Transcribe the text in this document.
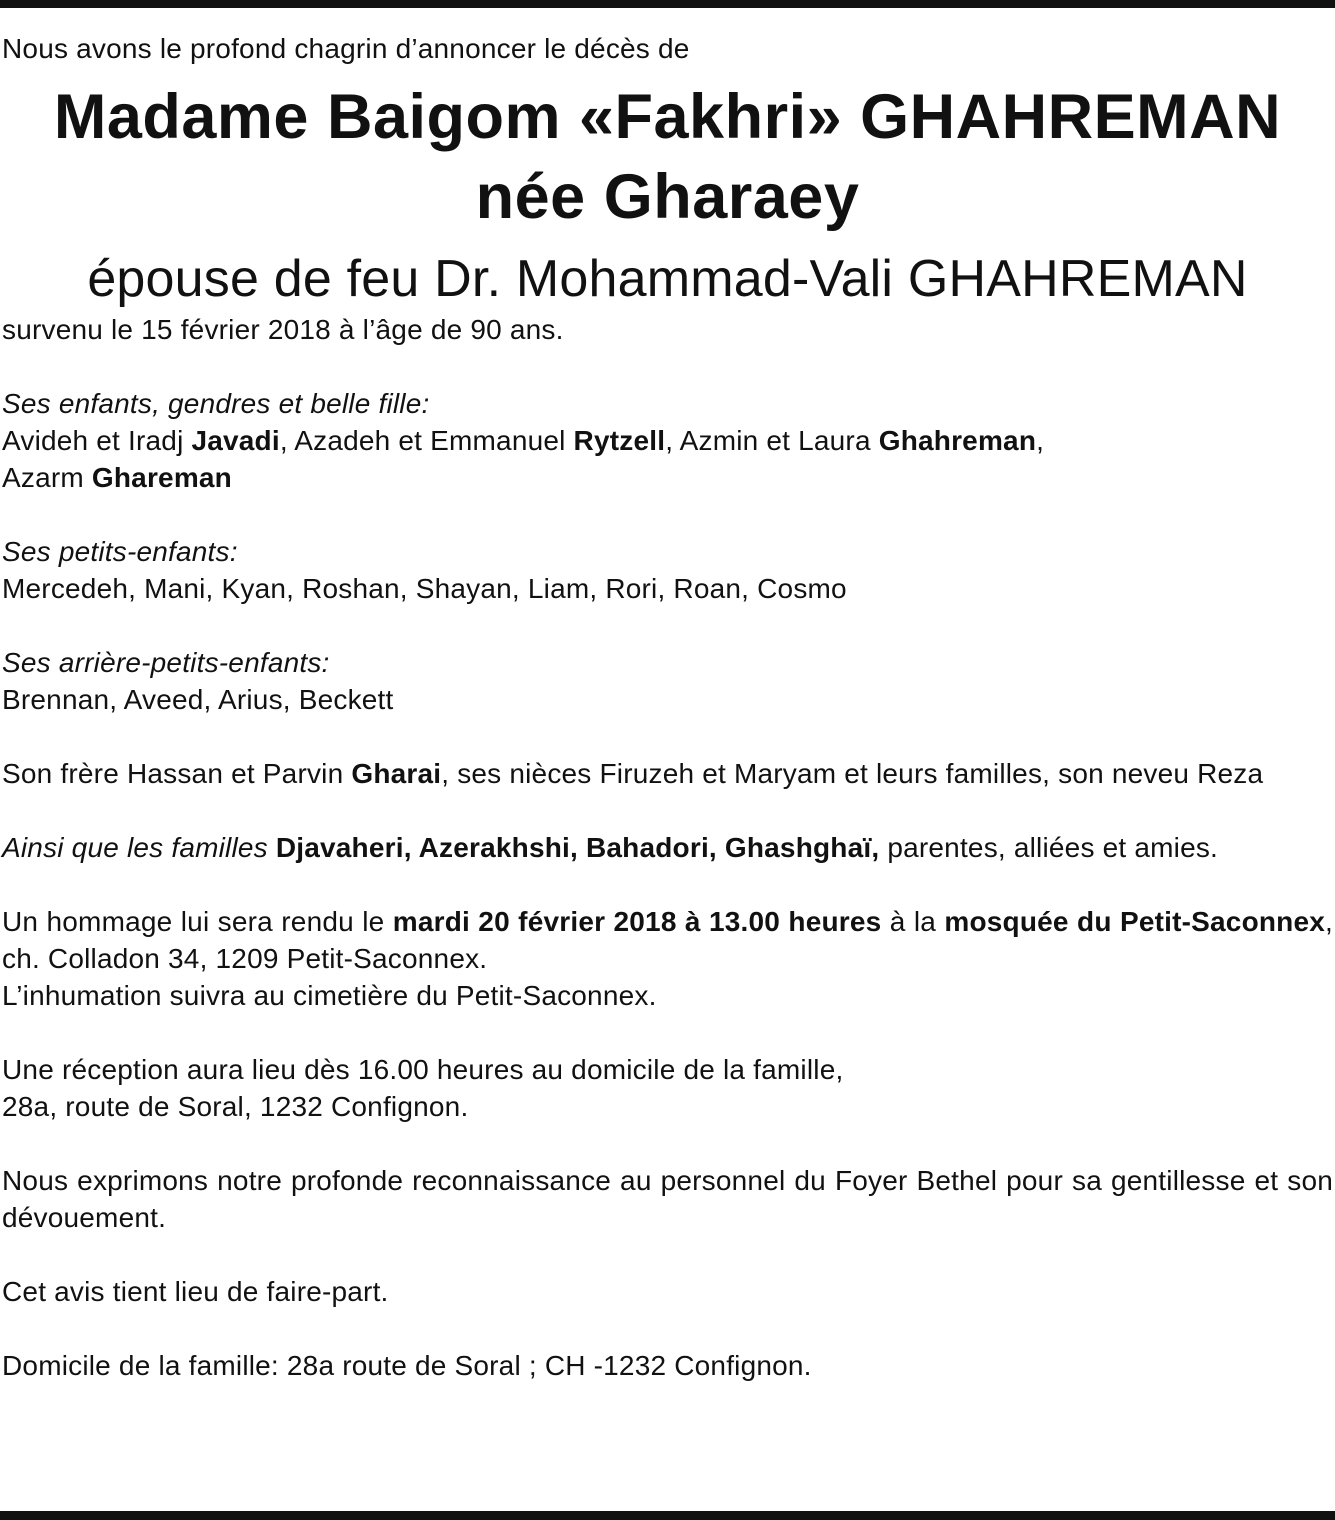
Nous avons le profond chagrin d’annoncer le décès de

Madame Baigom «Fakhri» GHAHREMAN
née Gharaey
épouse de feu Dr. Mohammad-Vali GHAHREMAN

survenu le 15 février 2018 à l’âge de 90 ans.

Ses enfants, gendres et belle fille:

Avideh et Iradj Javadi, Azadeh et Emmanuel Rytzell, Azmin et Laura Ghahreman,

Azarm Ghareman

Ses petits-enfants:

Mercedeh, Mani, Kyan, Roshan, Shayan, Liam, Rori, Roan, Cosmo

Ses arrière-petits-enfants:

Brennan, Aveed, Arius, Beckett

Son frère Hassan et Parvin Gharai, ses nièces Firuzeh et Maryam et leurs familles, son neveu Reza

Ainsi que les familles Djavaheri, Azerakhshi, Bahadori, Ghashghaï, parentes, alliées et amies.

Un hommage lui sera rendu le mardi 20 février 2018 à 13.00 heures à la mosquée du Petit-Saconnex, ch. Colladon 34, 1209 Petit-Saconnex.

L’inhumation suivra au cimetière du Petit-Saconnex.

Une réception aura lieu dès 16.00 heures au domicile de la famille,

28a, route de Soral, 1232 Confignon.

Nous exprimons notre profonde reconnaissance au personnel du Foyer Bethel pour sa gentillesse et son dévouement.

Cet avis tient lieu de faire-part.

Domicile de la famille: 28a route de Soral ; CH -1232 Confignon.
